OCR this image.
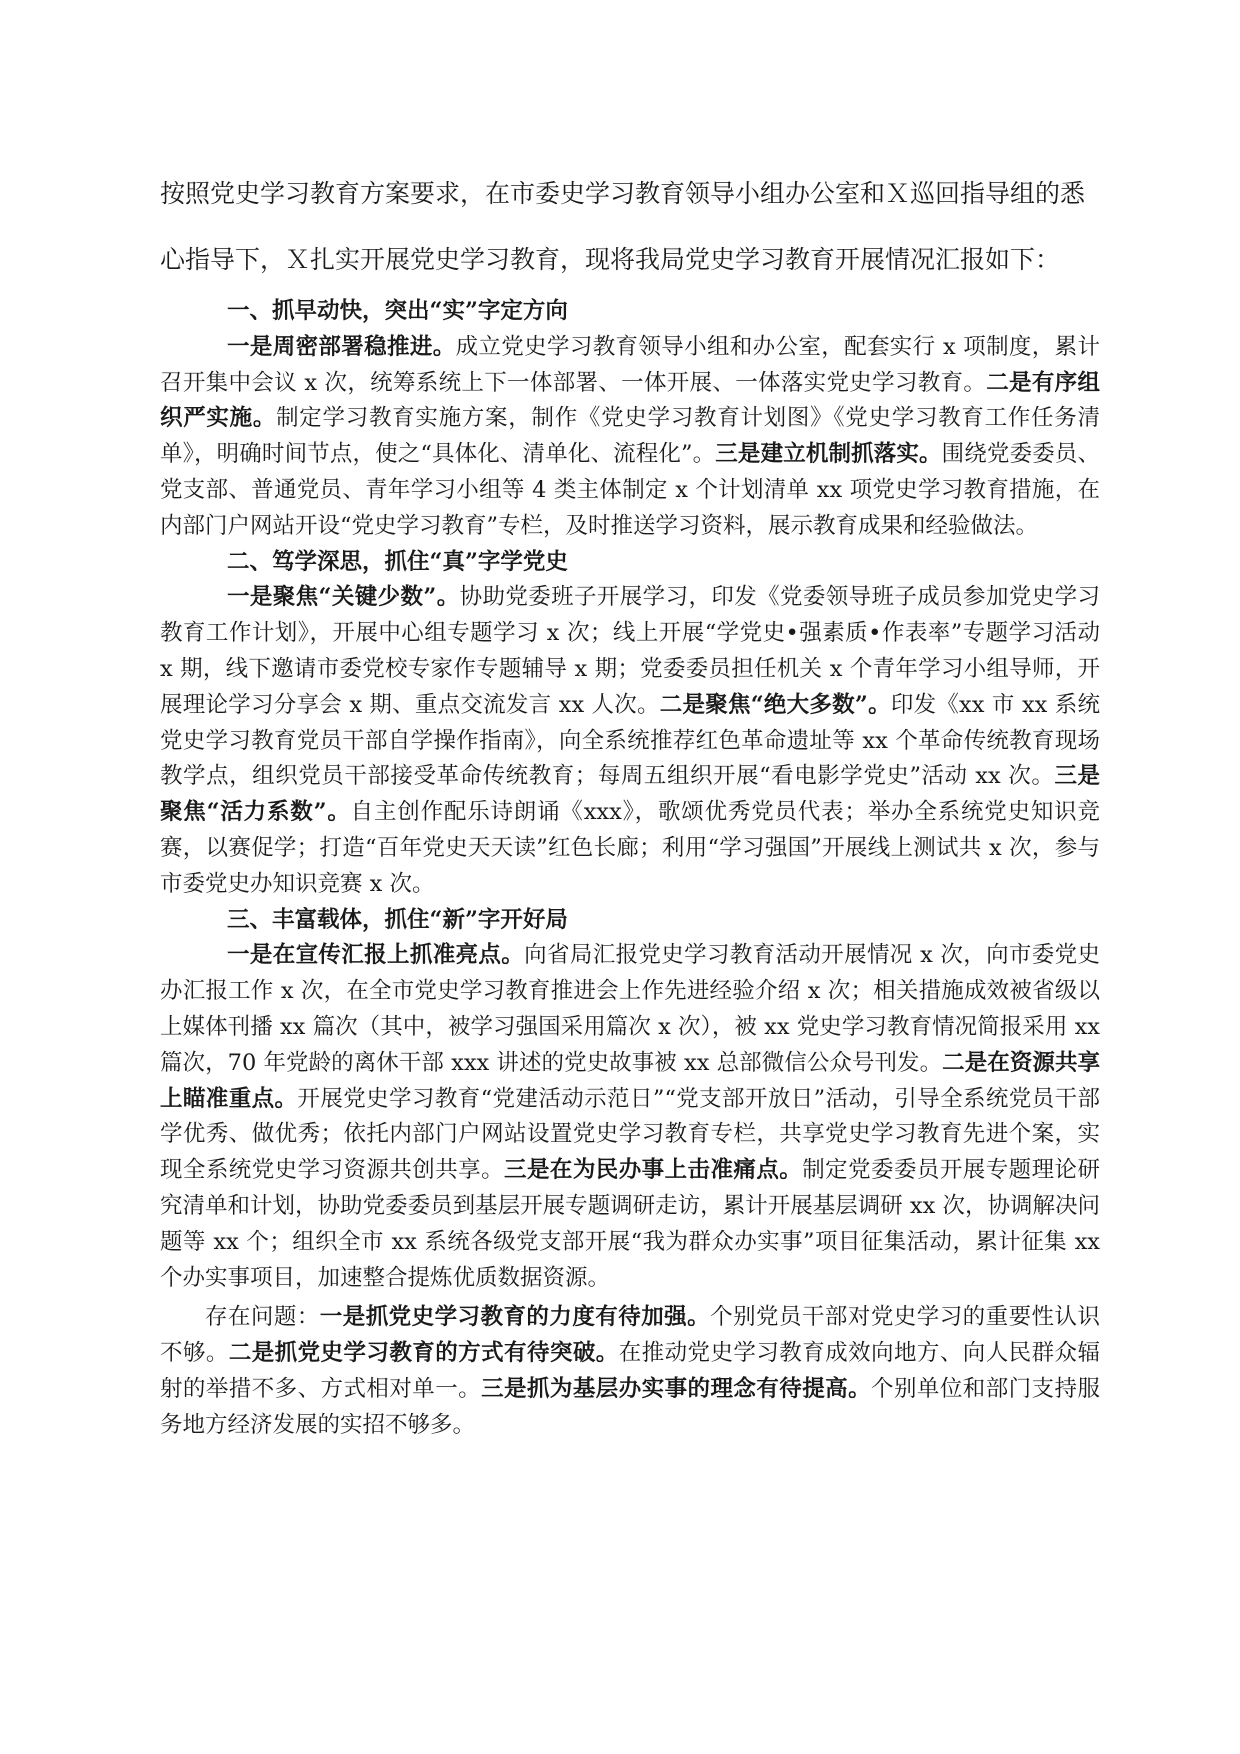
按照党史学习教育方案要求，在市委史学习教育领导小组办公室和Ｘ巡回指导组的悉

心指导下，Ｘ扎实开展党史学习教育，现将我局党史学习教育开展情况汇报如下：

一、抓早动快，突出“实”字定方向

一是周密部署稳推进。成立党史学习教育领导小组和办公室，配套实行 x 项制度，累计召开集中会议 x 次，统筹系统上下一体部署、一体开展、一体落实党史学习教育。二是有序组织严实施。制定学习教育实施方案，制作《党史学习教育计划图》《党史学习教育工作任务清单》，明确时间节点，使之“具体化、清单化、流程化”。三是建立机制抓落实。围绕党委委员、党支部、普通党员、青年学习小组等 4 类主体制定 x 个计划清单 xx 项党史学习教育措施，在内部门户网站开设“党史学习教育”专栏，及时推送学习资料，展示教育成果和经验做法。

二、笃学深思，抓住“真”字学党史

一是聚焦“关键少数”。协助党委班子开展学习，印发《党委领导班子成员参加党史学习教育工作计划》，开展中心组专题学习 x 次；线上开展“学党史•强素质•作表率”专题学习活动 x 期，线下邀请市委党校专家作专题辅导 x 期；党委委员担任机关 x 个青年学习小组导师，开展理论学习分享会 x 期、重点交流发言 xx 人次。二是聚焦“绝大多数”。印发《xx 市 xx 系统党史学习教育党员干部自学操作指南》，向全系统推荐红色革命遗址等 xx 个革命传统教育现场教学点，组织党员干部接受革命传统教育；每周五组织开展“看电影学党史”活动 xx 次。三是聚焦“活力系数”。自主创作配乐诗朗诵《xxx》，歌颂优秀党员代表；举办全系统党史知识竞赛，以赛促学；打造“百年党史天天读”红色长廊；利用“学习强国”开展线上测试共 x 次，参与市委党史办知识竞赛 x 次。

三、丰富载体，抓住“新”字开好局

一是在宣传汇报上抓准亮点。向省局汇报党史学习教育活动开展情况 x 次，向市委党史办汇报工作 x 次，在全市党史学习教育推进会上作先进经验介绍 x 次；相关措施成效被省级以上媒体刊播 xx 篇次（其中，被学习强国采用篇次 x 次），被 xx 党史学习教育情况简报采用 xx 篇次，70 年党龄的离休干部 xxx 讲述的党史故事被 xx 总部微信公众号刊发。二是在资源共享上瞄准重点。开展党史学习教育“党建活动示范日”“党支部开放日”活动，引导全系统党员干部学优秀、做优秀；依托内部门户网站设置党史学习教育专栏，共享党史学习教育先进个案，实现全系统党史学习资源共创共享。三是在为民办事上击准痛点。制定党委委员开展专题理论研究清单和计划，协助党委委员到基层开展专题调研走访，累计开展基层调研 xx 次，协调解决问题等 xx 个；组织全市 xx 系统各级党支部开展“我为群众办实事”项目征集活动，累计征集 xx 个办实事项目，加速整合提炼优质数据资源。

存在问题：一是抓党史学习教育的力度有待加强。个别党员干部对党史学习的重要性认识不够。二是抓党史学习教育的方式有待突破。在推动党史学习教育成效向地方、向人民群众辐射的举措不多、方式相对单一。三是抓为基层办实事的理念有待提高。个别单位和部门支持服务地方经济发展的实招不够多。
